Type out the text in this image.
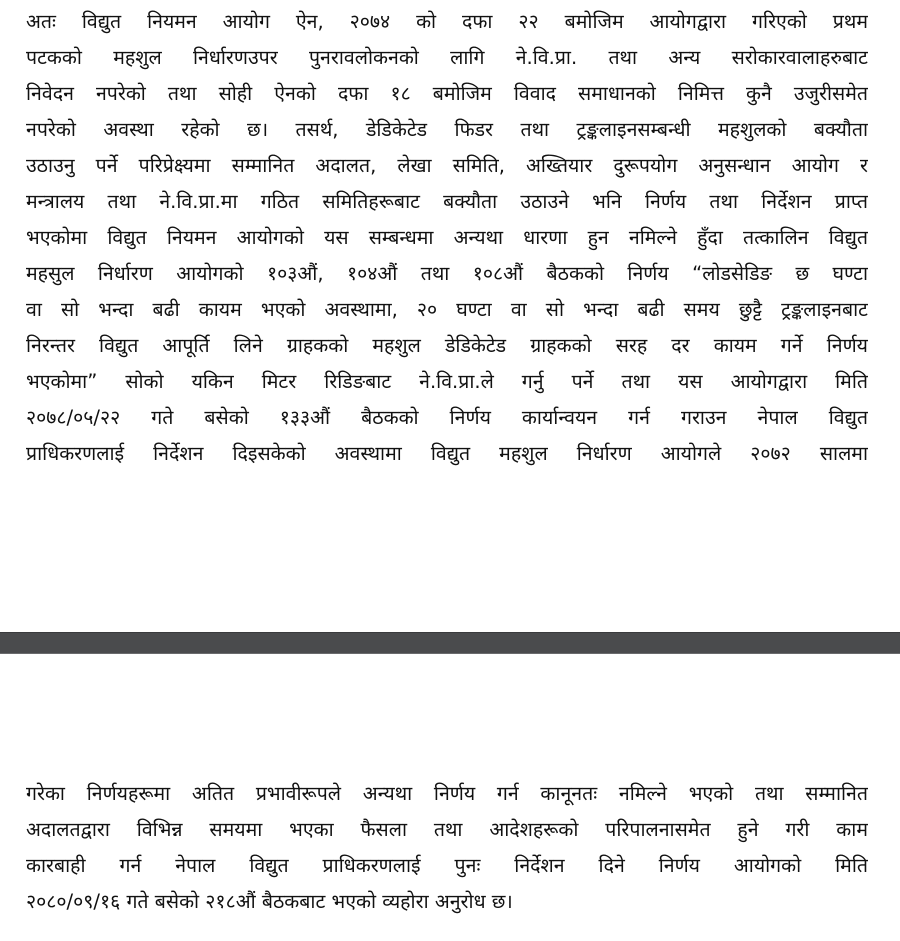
अतः विद्युत नियमन आयोग ऐन, २०७४ को दफा २२ बमोजिम आयोगद्वारा गरिएको प्रथम
पटकको महशुल निर्धारणउपर पुनरावलोकनको लागि ने.वि.प्रा. तथा अन्य सरोकारवालाहरुबाट
निवेदन नपरेको तथा सोही ऐनको दफा १८ बमोजिम विवाद समाधानको निमित्त कुनै उजुरीसमेत
नपरेको अवस्था रहेको छ। तसर्थ, डेडिकेटेड फिडर तथा ट्रङ्कलाइनसम्बन्धी महशुलको बक्यौता
उठाउनु पर्ने परिप्रेक्ष्यमा सम्मानित अदालत, लेखा समिति, अख्तियार दुरूपयोग अनुसन्धान आयोग र
मन्त्रालय तथा ने.वि.प्रा.मा गठित समितिहरूबाट बक्यौता उठाउने भनि निर्णय तथा निर्देशन प्राप्त
भएकोमा विद्युत नियमन आयोगको यस सम्बन्धमा अन्यथा धारणा हुन नमिल्ने हुँदा तत्कालिन विद्युत
महसुल निर्धारण आयोगको १०३औं, १०४औं तथा १०८औं बैठकको निर्णय “लोडसेडिङ छ घण्टा
वा सो भन्दा बढी कायम भएको अवस्थामा, २० घण्टा वा सो भन्दा बढी समय छुट्टै ट्रङ्कलाइनबाट
निरन्तर विद्युत आपूर्ति लिने ग्राहकको महशुल डेडिकेटेड ग्राहकको सरह दर कायम गर्ने निर्णय
भएकोमा” सोको यकिन मिटर रिडिङबाट ने.वि.प्रा.ले गर्नु पर्ने तथा यस आयोगद्वारा मिति
२०७८/०५/२२ गते बसेको १३३औं बैठकको निर्णय कार्यान्वयन गर्न गराउन नेपाल विद्युत
प्राधिकरणलाई निर्देशन दिइसकेको अवस्थामा विद्युत महशुल निर्धारण आयोगले २०७२ सालमा

गरेका निर्णयहरूमा अतित प्रभावीरूपले अन्यथा निर्णय गर्न कानूनतः नमिल्ने भएको तथा सम्मानित
अदालतद्वारा विभिन्न समयमा भएका फैसला तथा आदेशहरूको परिपालनासमेत हुने गरी काम
कारबाही गर्न नेपाल विद्युत प्राधिकरणलाई पुनः निर्देशन दिने निर्णय आयोगको मिति
२०८०/०९/१६ गते बसेको २१८औं बैठकबाट भएको व्यहोरा अनुरोध छ।
